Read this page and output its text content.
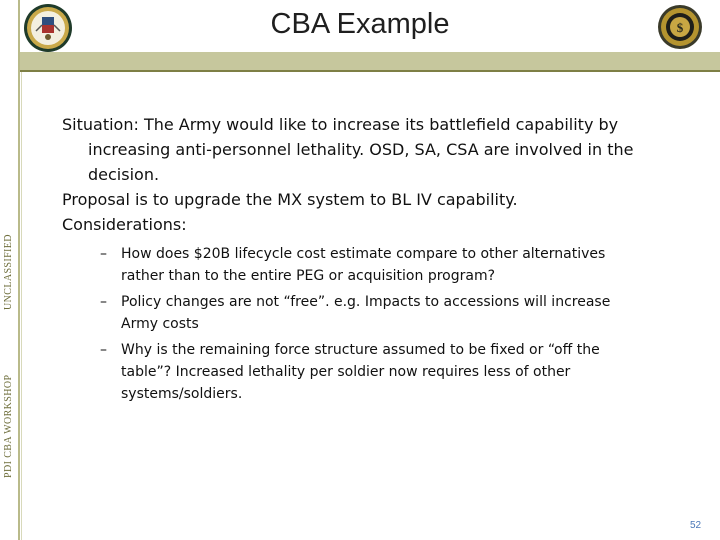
CBA Example	$
PDI CBA WORKSHOP
UNCLASSIFIED

Situation: The Army would like to increase its battlefield capability by increasing anti-personnel lethality. OSD, SA, CSA are involved in the decision.

Proposal is to upgrade the MX system to BL IV capability.

Considerations:

– How does $20B lifecycle cost estimate compare to other alternatives rather than to the entire PEG or acquisition program?
– Policy changes are not “free”. e.g. Impacts to accessions will increase Army costs
– Why is the remaining force structure assumed to be fixed or “off the table”? Increased lethality per soldier now requires less of other systems/soldiers.
52
